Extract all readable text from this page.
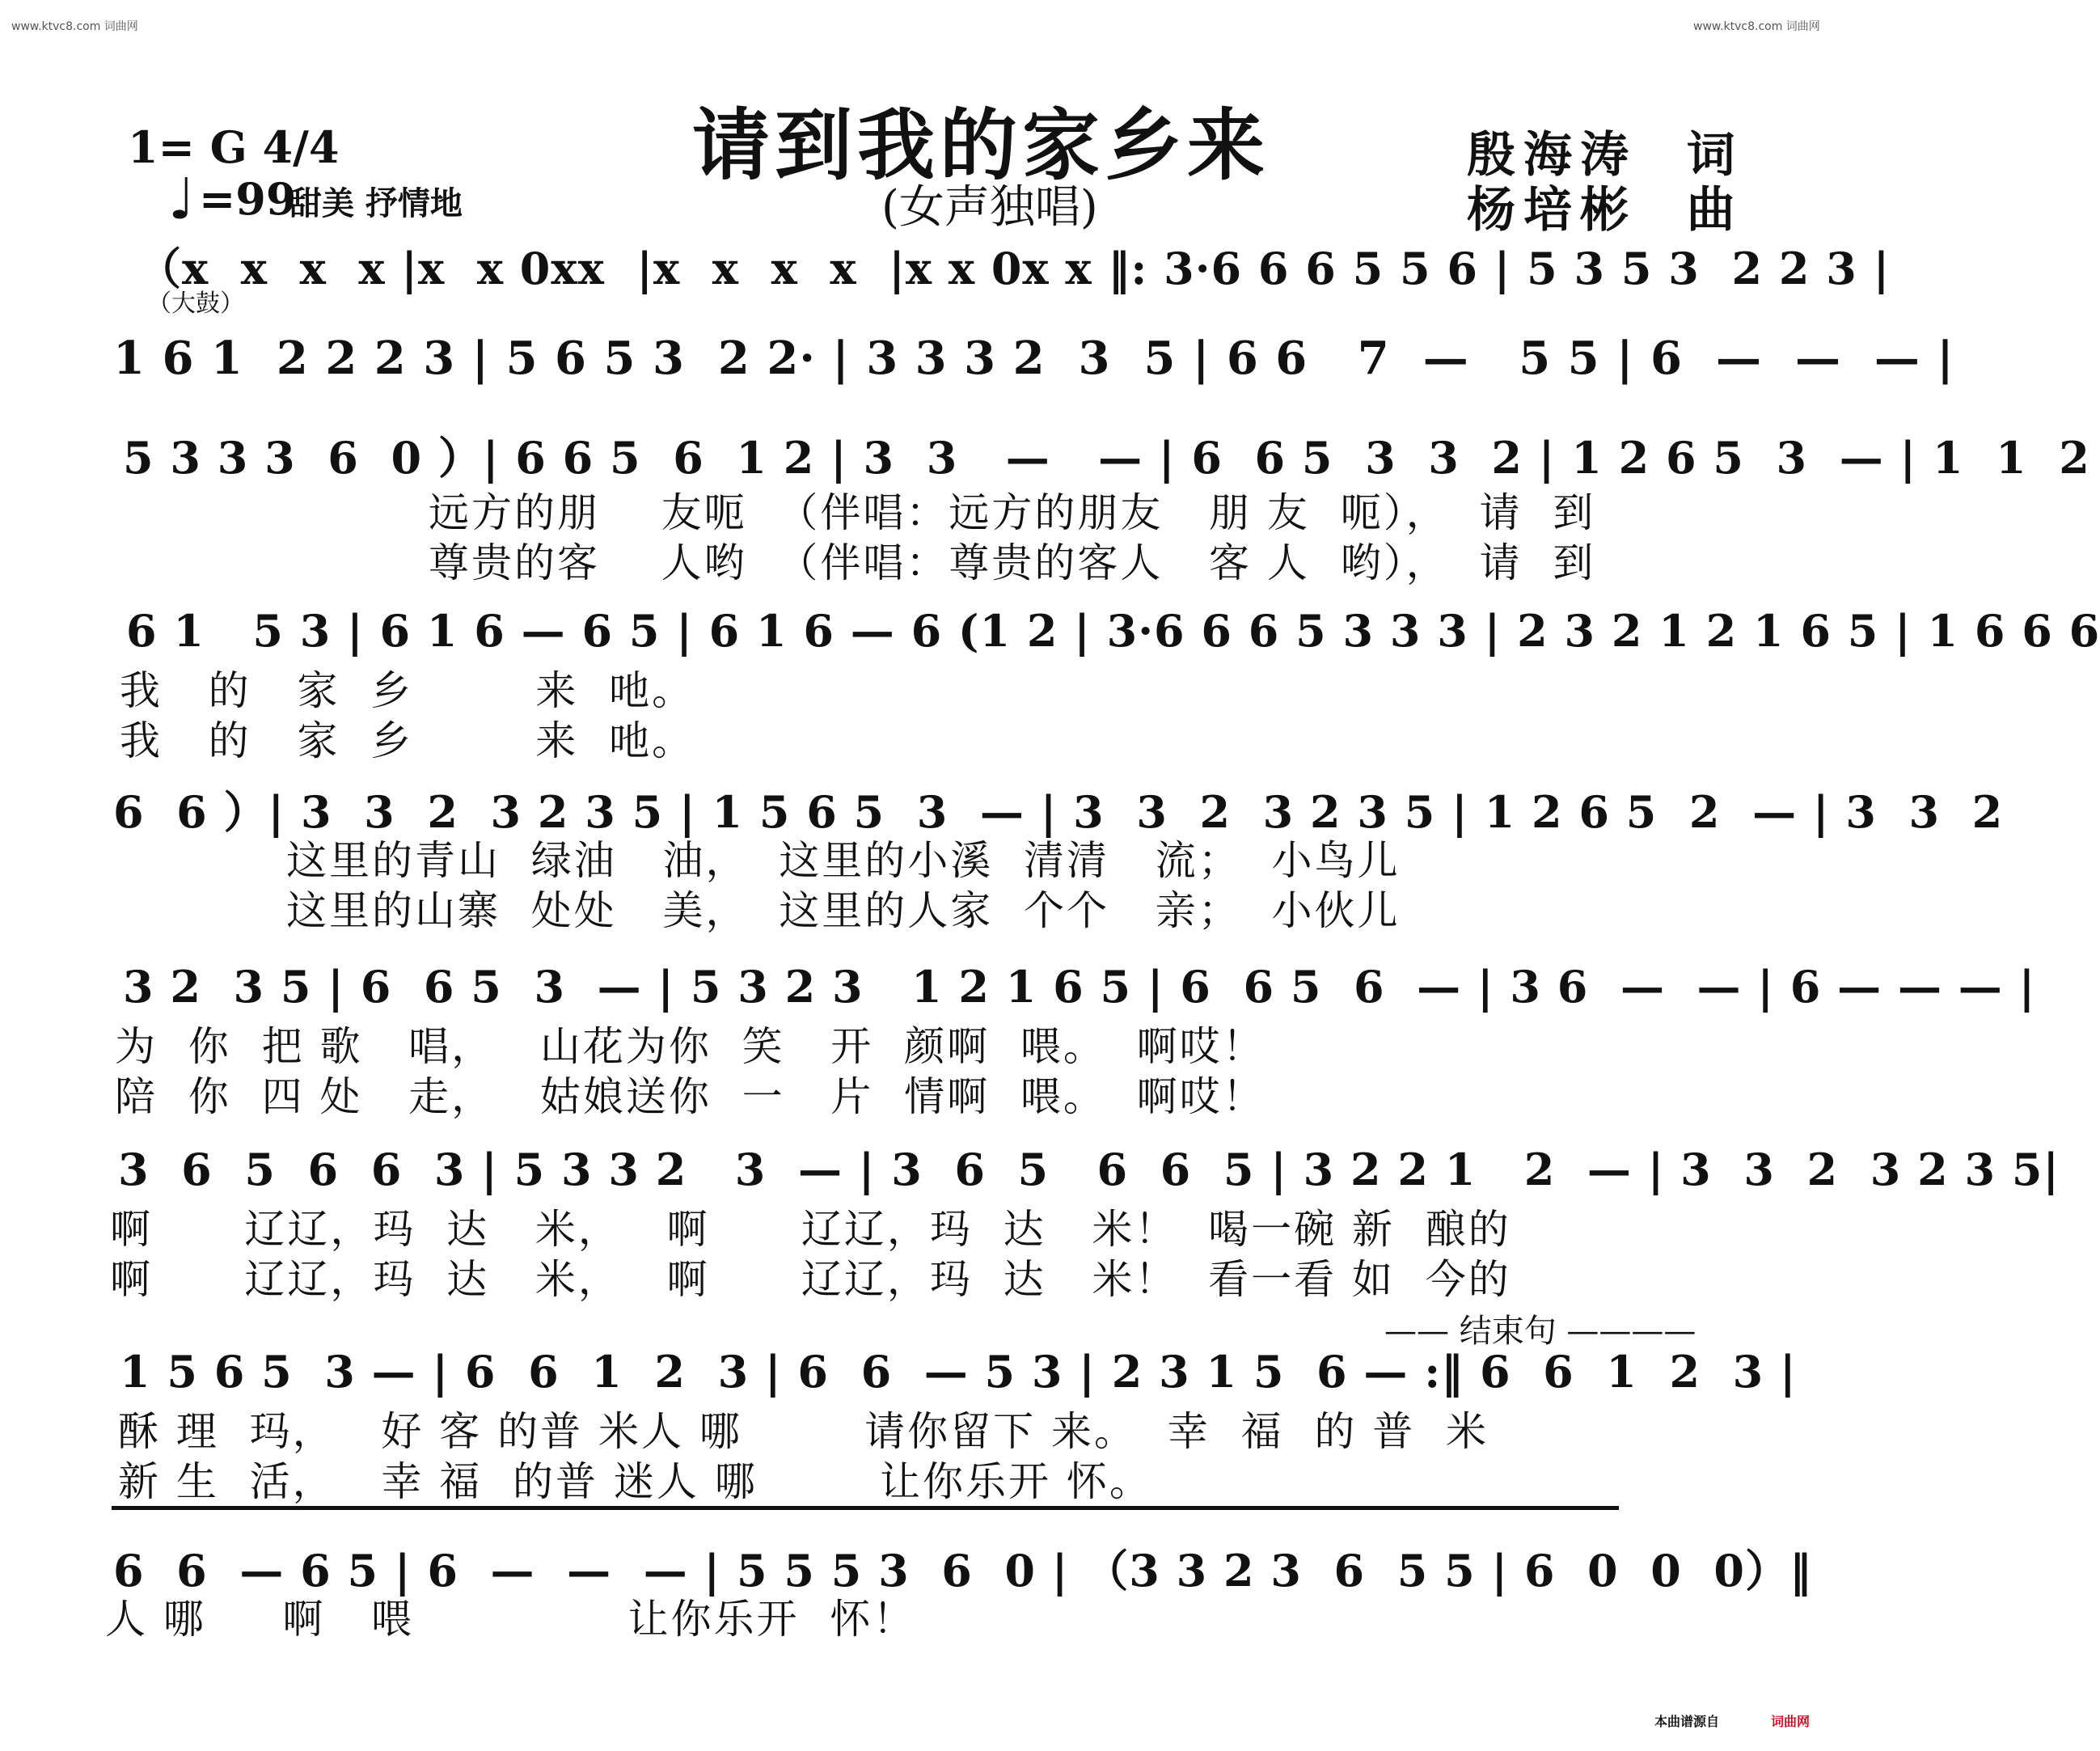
www.ktvc8.com 词曲网	www.ktvc8.com 词曲网
1= G 4/4
♩ =99
甜美 抒情地
请到我的家乡来
(女声独唱)
殷海涛  词
杨培彬  曲
（x  x  x  x |x  x 0xx  |x  x  x  x  |x x 0x x ‖: 3·6 6 6 5 5 6 | 5 3 5 3  2 2 3 |
（大鼓）
1 6 1  2 2 2 3 | 5 6 5 3  2 2· | 3 3 3 2  3  5 | 6 6   7  —   5 5 | 6  —  —  — |
5 3 3 3  6  0 ）| 6 6 5  6  1 2 | 3  3   —   — | 6  6 5  3  3  2 | 1 2 6 5  3  — | 1  1  2
远方的朋    友呃  （伴唱：远方的朋友   朋 友  呃），  请  到
尊贵的客    人哟  （伴唱：尊贵的客人   客 人  哟），  请  到
6 1   5 3 | 6 1 6 — 6 5 | 6 1 6 — 6 (1 2 | 3·6 6 6 5 3 3 3 | 2 3 2 1 2 1 6 5 | 1 6 6 6
我   的   家  乡        来  吔。
我   的   家  乡        来  吔。
6  6 ）| 3  3  2  3 2 3 5 | 1 5 6 5  3  — | 3  3  2  3 2 3 5 | 1 2 6 5  2  — | 3  3  2
这里的青山  绿油   油，  这里的小溪  清清   流；  小鸟儿
这里的山寨  处处   美，  这里的人家  个个   亲；  小伙儿
3 2  3 5 | 6  6 5  3  — | 5 3 2 3   1 2 1 6 5 | 6  6 5  6  — | 3 6  —  — | 6 — — — |
为  你  把 歌   唱，   山花为你  笑   开  颜啊  喂。  啊哎！
陪  你  四 处   走，   姑娘送你  一   片  情啊  喂。  啊哎！
3  6  5  6  6  3 | 5 3 3 2   3  — | 3  6  5   6  6  5 | 3 2 2 1   2  — | 3  3  2  3 2 3 5|
啊      辽辽，玛  达   米，   啊      辽辽，玛  达   米！  喝一碗 新  酿的
啊      辽辽，玛  达   米，   啊      辽辽，玛  达   米！  看一看 如  今的
—— 结束句 ————
1 5 6 5  3 — | 6  6  1  2  3 | 6  6  — 5 3 | 2 3 1 5  6 — :‖ 6  6  1  2  3 |
酥 理  玛，   好 客 的普 米人 哪        请你留下 来。  幸  福  的 普  米
新 生  活，   幸 福  的普 迷人 哪        让你乐开 怀。
6  6  — 6 5 | 6  —  —  — | 5 5 5 3  6  0 | （3 3 2 3  6  5 5 | 6  0  0  0）‖
人 哪     啊   喂              让你乐开  怀！
本曲谱源自	词曲网
